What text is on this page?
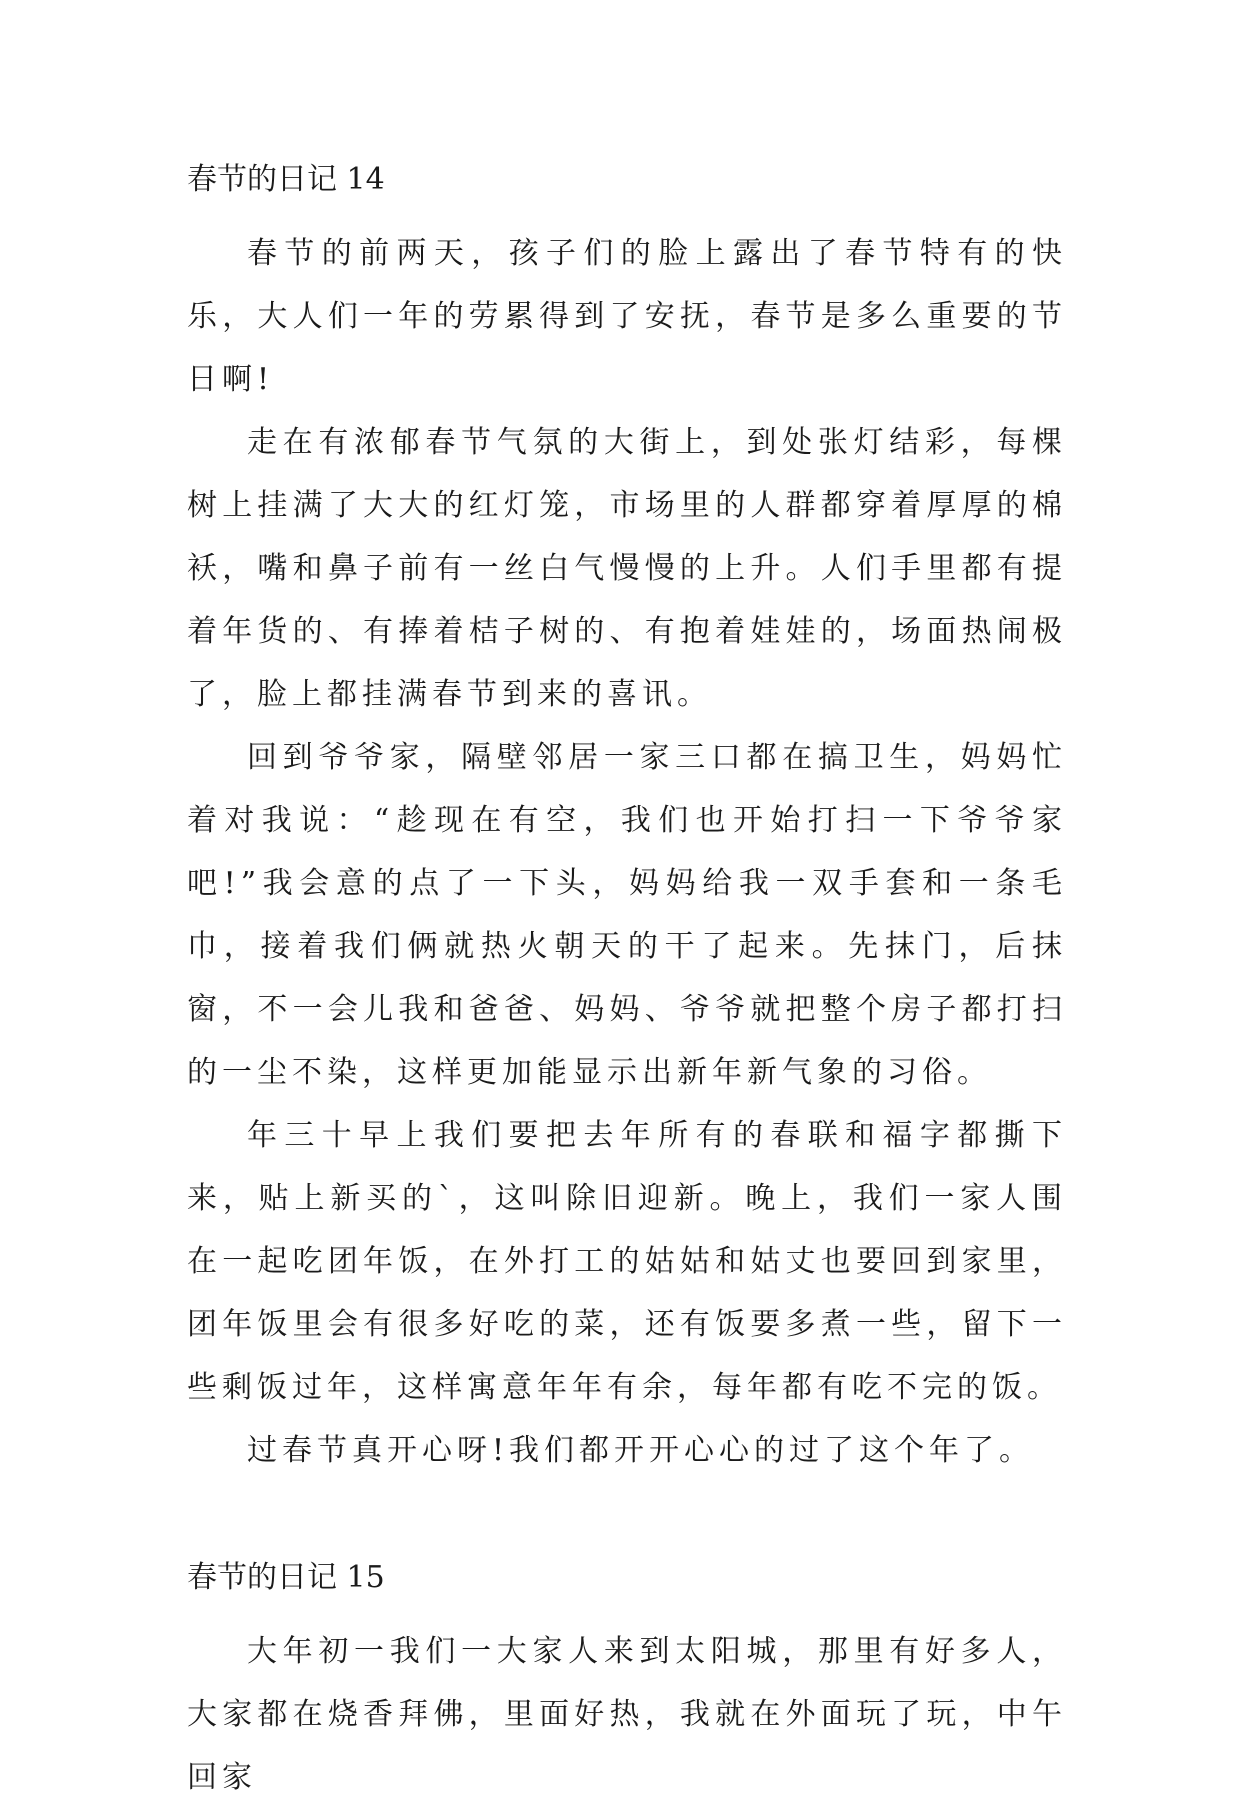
春节的日记 14

春节的前两天，孩子们的脸上露出了春节特有的快乐，大人们一年的劳累得到了安抚，春节是多么重要的节日啊!

走在有浓郁春节气氛的大街上，到处张灯结彩，每棵树上挂满了大大的红灯笼，市场里的人群都穿着厚厚的棉袄，嘴和鼻子前有一丝白气慢慢的上升。人们手里都有提着年货的、有捧着桔子树的、有抱着娃娃的，场面热闹极了，脸上都挂满春节到来的喜讯。

回到爷爷家，隔壁邻居一家三口都在搞卫生，妈妈忙着对我说：“趁现在有空，我们也开始打扫一下爷爷家吧!”我会意的点了一下头，妈妈给我一双手套和一条毛巾，接着我们俩就热火朝天的干了起来。先抹门，后抹窗，不一会儿我和爸爸、妈妈、爷爷就把整个房子都打扫的一尘不染，这样更加能显示出新年新气象的习俗。

年三十早上我们要把去年所有的春联和福字都撕下来，贴上新买的`，这叫除旧迎新。晚上，我们一家人围在一起吃团年饭，在外打工的姑姑和姑丈也要回到家里，团年饭里会有很多好吃的菜，还有饭要多煮一些，留下一些剩饭过年，这样寓意年年有余，每年都有吃不完的饭。

过春节真开心呀!我们都开开心心的过了这个年了。

春节的日记 15

大年初一我们一大家人来到太阳城，那里有好多人，大家都在烧香拜佛，里面好热，我就在外面玩了玩，中午回家
